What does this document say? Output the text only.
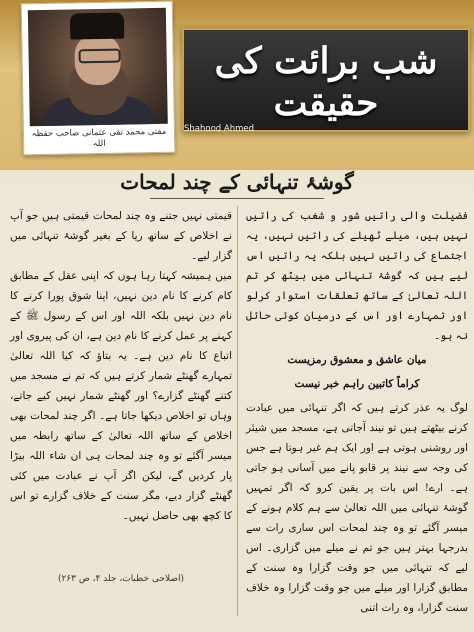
مفتی محمد تقی عثمانی صاحب حفظہ اللہ
شب برائت کی حقیقت
Shahood Ahmed
گوشۂ تنہائی کے چند لمحات

فضیلت والی راتیں شور و شغب کی راتیں نہیں ہیں، میلے ٹھیلے کی راتیں نہیں، یہ اجتماع کی راتیں نہیں بلکہ یہ راتیں اس لیے ہیں کہ گوشۂ تنہائی میں بیٹھ کر تم اللہ تعالیٰ کے ساتھ تعلقات استوار کرلو اور تمہارے اور اس کے درمیان کوئی حائل نہ ہو۔

میان عاشق و معشوق رمزیست

کراماً کاتبین راہم خبر نیست

لوگ یہ عذر کرتے ہیں کہ اگر تنہائی میں عبادت کرنے بیٹھتے ہیں تو نیند آجاتی ہے، مسجد میں شیئر اور روشنی ہوتی ہے اور ایک ہم غیر ہوتا ہے جس کی وجہ سے نیند پر قابو پانے میں آسانی ہو جاتی ہے۔ ارے! اس بات پر یقین کرو کہ اگر تمہیں گوشۂ تنہائی میں اللہ تعالیٰ سے ہم کلام ہونے کے میسر آگئے تو وہ چند لمحات اس ساری رات سے بدرجہا بہتر ہیں جو تم نے میلے میں گزاری۔ اس لیے کہ تنہائی میں جو وقت گزارا وہ سنت کے مطابق گزارا اور میلے میں جو وقت گزارا وہ خلاف سنت گزارا، وہ رات اتنی

قیمتی نہیں جتنے وہ چند لمحات قیمتی ہیں جو آپ نے اخلاص کے ساتھ ریا کے بغیر گوشۂ تنہائی میں گزار لیے۔

میں ہمیشہ کہتا رہا ہوں کہ اپنی عقل کے مطابق کام کرنے کا نام دین نہیں، اپنا شوق پورا کرنے کا نام دین نہیں بلکہ اللہ اور اس کے رسول ﷺ کے کہنے پر عمل کرنے کا نام دین ہے، ان کی پیروی اور اتباع کا نام دین ہے۔ یہ بتاؤ کہ کیا اللہ تعالیٰ تمہارے گھنٹے شمار کرتے ہیں کہ تم نے مسجد میں کتنے گھنٹے گزارے؟ اور گھنٹے شمار نہیں کیے جاتے، وہاں تو اخلاص دیکھا جاتا ہے۔ اگر چند لمحات بھی اخلاص کے ساتھ اللہ تعالیٰ کے ساتھ رابطہ میں میسر آگئے تو وہ چند لمحات ہی ان شاء اللہ بیڑا پار کردیں گے، لیکن اگر آپ نے عبادت میں کئی گھنٹے گزار دیے، مگر سنت کے خلاف گزارے تو اس کا کچھ بھی حاصل نہیں۔

(اصلاحی خطبات، جلد ۴، ص ۲۶۳)
